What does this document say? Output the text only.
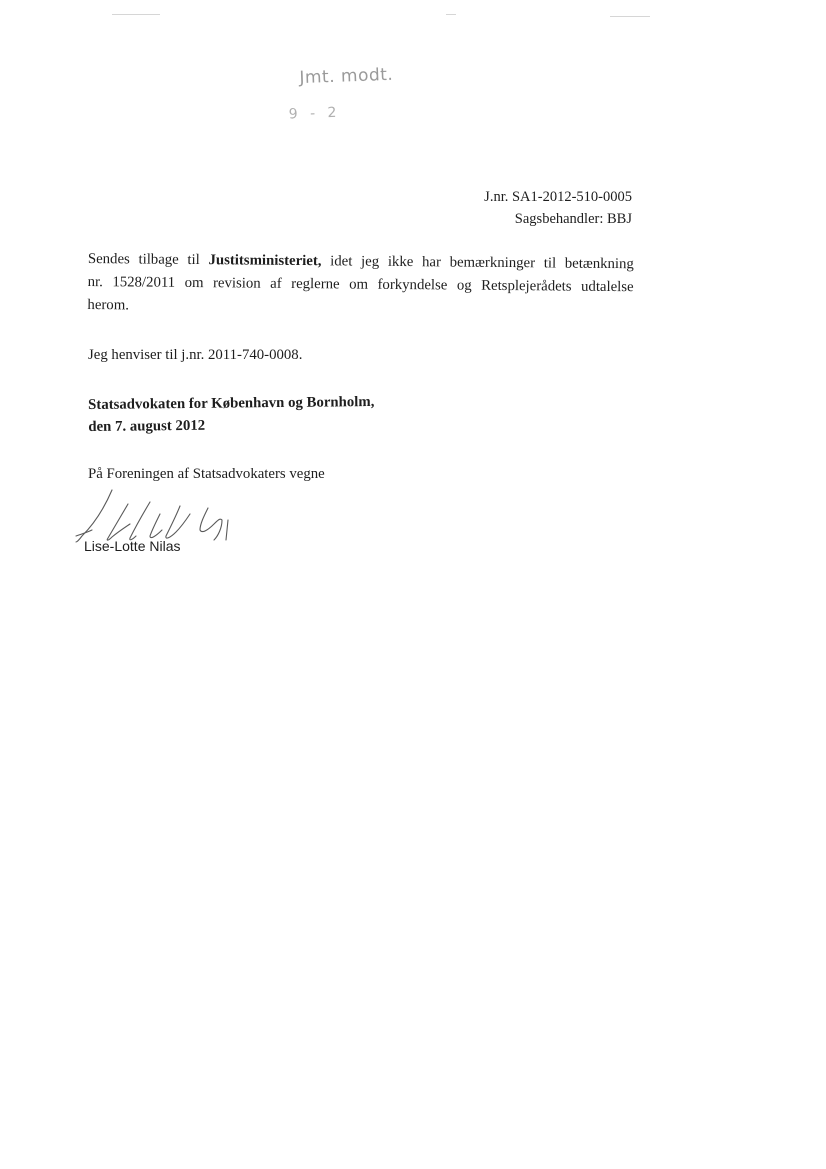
Jmt. modt.
9 - 2
J.nr. SA1-2012-510-0005
Sagsbehandler: BBJ
Sendes tilbage til Justitsministeriet, idet jeg ikke har bemærkninger til betænkning
nr. 1528/2011 om revision af reglerne om forkyndelse og Retsplejerådets udtalelse
herom.
Jeg henviser til j.nr. 2011-740-0008.
Statsadvokaten for København og Bornholm,
den 7. august 2012
På Foreningen af Statsadvokaters vegne
Lise-Lotte Nilas
